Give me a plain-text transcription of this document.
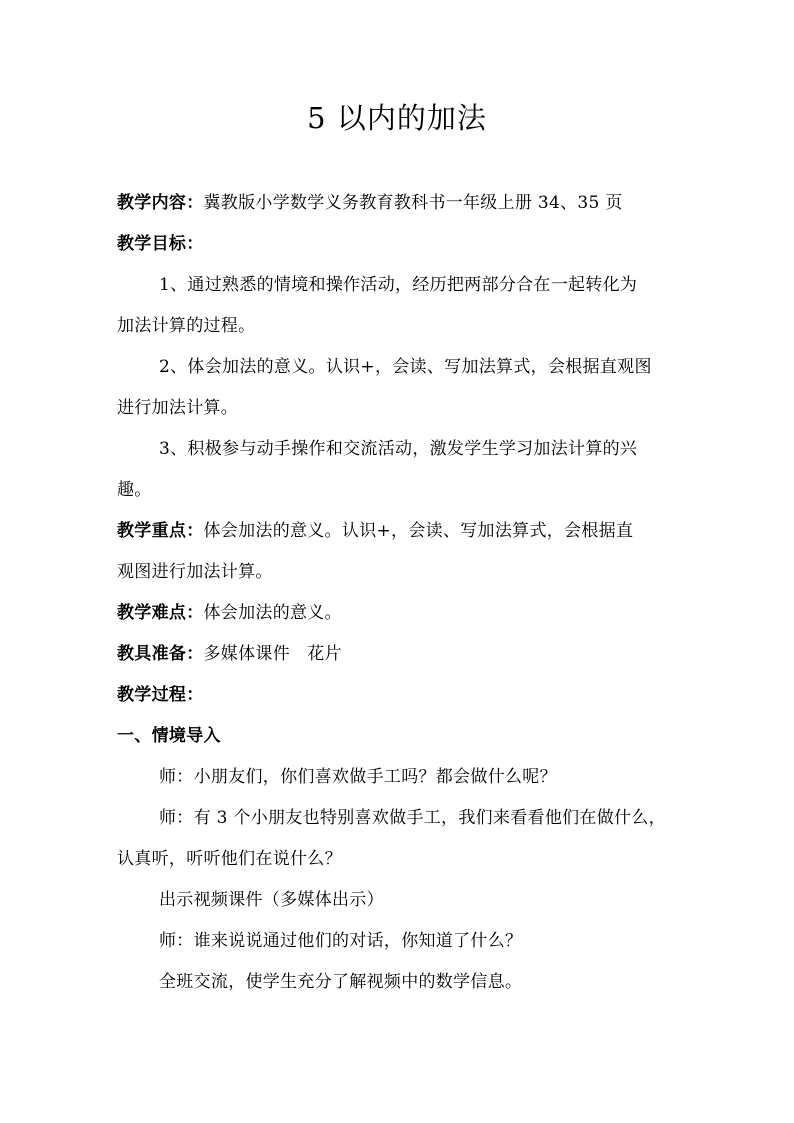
5 以内的加法
教学内容：冀教版小学数学义务教育教科书一年级上册 34、35 页
教学目标：
1、通过熟悉的情境和操作活动，经历把两部分合在一起转化为
加法计算的过程。
2、体会加法的意义。认识+，会读、写加法算式，会根据直观图
进行加法计算。
3、积极参与动手操作和交流活动，激发学生学习加法计算的兴
趣。
教学重点：体会加法的意义。认识+，会读、写加法算式，会根据直
观图进行加法计算。
教学难点：体会加法的意义。
教具准备：多媒体课件　花片
教学过程：
一、情境导入
师：小朋友们，你们喜欢做手工吗？都会做什么呢？
师：有 3 个小朋友也特别喜欢做手工，我们来看看他们在做什么，
认真听，听听他们在说什么？
出示视频课件（多媒体出示）
师：谁来说说通过他们的对话，你知道了什么？
全班交流，使学生充分了解视频中的数学信息。
